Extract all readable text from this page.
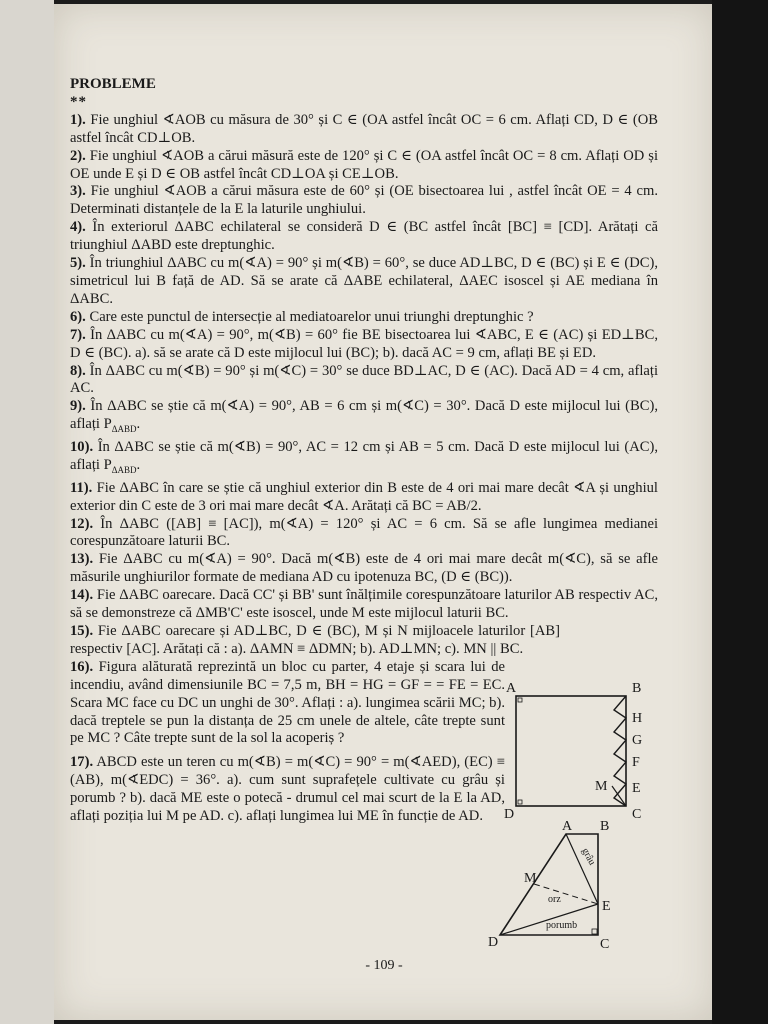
PROBLEME
**

1). Fie unghiul ∢AOB cu măsura de 30° și C ∈ (OA astfel încât OC = 6 cm. Aflați CD, D ∈ (OB astfel încât CD⊥OB.

2). Fie unghiul ∢AOB a cărui măsură este de 120° și C ∈ (OA astfel încât OC = 8 cm. Aflați OD și OE unde E și D ∈ OB astfel încât CD⊥OA și CE⊥OB.

3). Fie unghiul ∢AOB a cărui măsura este de 60° și (OE bisectoarea lui , astfel încât OE = 4 cm. Determinati distanțele de la E la laturile unghiului.

4). În exteriorul ΔABC echilateral se consideră D ∈ (BC astfel încât [BC] ≡ [CD]. Arătați că triunghiul ΔABD este dreptunghic.

5). În triunghiul ΔABC cu m(∢A) = 90° și m(∢B) = 60°, se duce AD⊥BC, D ∈ (BC) și E ∈ (DC), simetricul lui B față de AD. Să se arate că ΔABE echilateral, ΔAEC isoscel și AE mediana în ΔABC.

6). Care este punctul de intersecție al mediatoarelor unui triunghi dreptunghic ?

7). În ΔABC cu m(∢A) = 90°, m(∢B) = 60° fie BE bisectoarea lui ∢ABC, E ∈ (AC) și ED⊥BC, D ∈ (BC). a). să se arate că D este mijlocul lui (BC); b). dacă AC = 9 cm, aflați BE și ED.

8). În ΔABC cu m(∢B) = 90° și m(∢C) = 30° se duce BD⊥AC, D ∈ (AC). Dacă AD = 4 cm, aflați AC.

9). În ΔABC se știe că m(∢A) = 90°, AB = 6 cm și m(∢C) = 30°. Dacă D este mijlocul lui (BC), aflați $P_{\Delta ABD}$.

10). În ΔABC se știe că m(∢B) = 90°, AC = 12 cm și AB = 5 cm. Dacă D este mijlocul lui (AC), aflați $P_{\Delta ABD}$.

11). Fie ΔABC în care se știe că unghiul exterior din B este de 4 ori mai mare decât ∢A și unghiul exterior din C este de 3 ori mai mare decât ∢A. Arătați că BC = AB/2.

12). În ΔABC ([AB] ≡ [AC]), m(∢A) = 120° și AC = 6 cm. Să se afle lungimea medianei corespunzătoare laturii BC.

13). Fie ΔABC cu m(∢A) = 90°. Dacă m(∢B) este de 4 ori mai mare decât m(∢C), să se afle măsurile unghiurilor formate de mediana AD cu ipotenuza BC, (D ∈ (BC)).

14). Fie ΔABC oarecare. Dacă CC' și BB' sunt înălțimile corespunzătoare laturilor AB respectiv AC, să se demonstreze că ΔMB'C' este isoscel, unde M este mijlocul laturii BC.

15). Fie ΔABC oarecare și AD⊥BC, D ∈ (BC), M și N mijloacele laturilor [AB] respectiv [AC]. Arătați că : a). ΔAMN ≡ ΔDMN; b). AD⊥MN; c). MN || BC.

16). Figura alăturată reprezintă un bloc cu parter, 4 etaje și scara lui de incendiu, având dimensiunile BC = 7,5 m, BH = HG = GF = = FE = EC. Scara MC face cu DC un unghi de 30°. Aflați : a). lungimea scării MC; b). dacă treptele se pun la distanța de 25 cm unele de altele, câte trepte sunt pe MC ? Câte trepte sunt de la sol la acoperiș ?

17). ABCD este un teren cu m(∢B) = m(∢C) = 90° = m(∢AED), (EC) ≡ (AB), m(∢EDC) = 36°. a). cum sunt suprafețele cultivate cu grâu și porumb ? b). dacă ME este o potecă - drumul cel mai scurt de la E la AD, aflați poziția lui M pe AD. c). aflați lungimea lui ME în funcție de AD.

A	B
H
G
F
M E
D	C
A B
M
E
D	C
grâu
orz
porumb
- 109 -
